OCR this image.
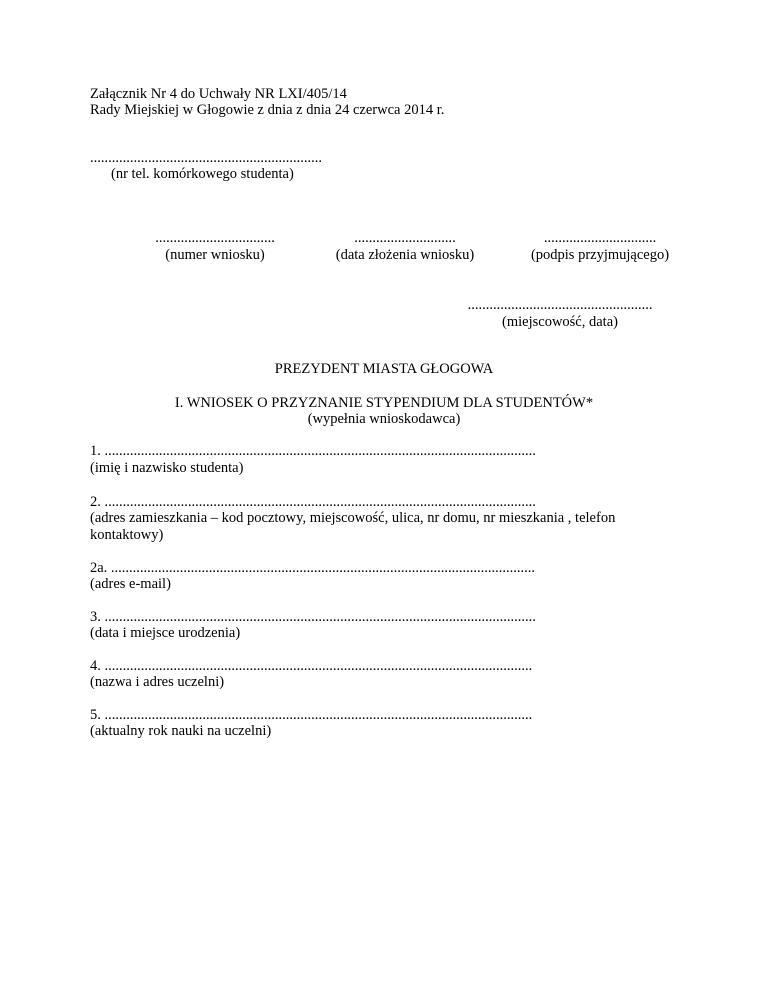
Załącznik Nr 4 do Uchwały NR LXI/405/14
Rady Miejskiej w Głogowie z dnia z dnia 24 czerwca 2014 r.
................................................................
(nr tel. komórkowego studenta)
.................................
(numer wniosku)
............................
(data złożenia wniosku)
...............................
(podpis przyjmującego)
...................................................
(miejscowość, data)
PREZYDENT MIASTA GŁOGOWA
I. WNIOSEK O PRZYZNANIE STYPENDIUM DLA STUDENTÓW*
(wypełnia wnioskodawca)
1. .......................................................................................................................
(imię i nazwisko studenta)
2. .......................................................................................................................
(adres zamieszkania – kod pocztowy, miejscowość, ulica, nr domu, nr mieszkania , telefon kontaktowy)
2a. .....................................................................................................................
(adres e-mail)
3. .......................................................................................................................
(data i miejsce urodzenia)
4. ......................................................................................................................
(nazwa i adres uczelni)
5. ......................................................................................................................
(aktualny rok nauki na uczelni)
